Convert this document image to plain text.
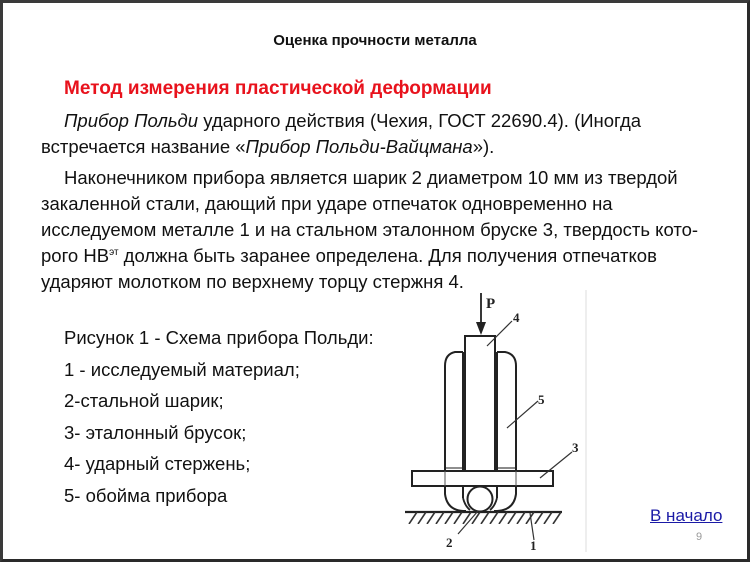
Оценка прочности металла
Метод измерения пластической деформации
Прибор Польди ударного действия (Чехия, ГОСТ 22690.4). (Иногда
встречается название «Прибор Польди-Вайцмана»).
Наконечником прибора является шарик 2 диаметром 10 мм из твердой
закаленной стали, дающий при ударе отпечаток одновременно на
исследуемом металле 1 и на стальном эталонном бруске 3, твердость кото-
рого $HB^{эт}$ должна быть заранее определена. Для получения отпечатков
ударяют молотком по верхнему торцу стержня 4.
Рисунок 1 - Схема прибора Польди:
1 - исследуемый материал;
2-стальной шарик;
3- эталонный брусок;
4- ударный стержень;
5- обойма прибора
P
4
5
3
2	1
В начало
9
